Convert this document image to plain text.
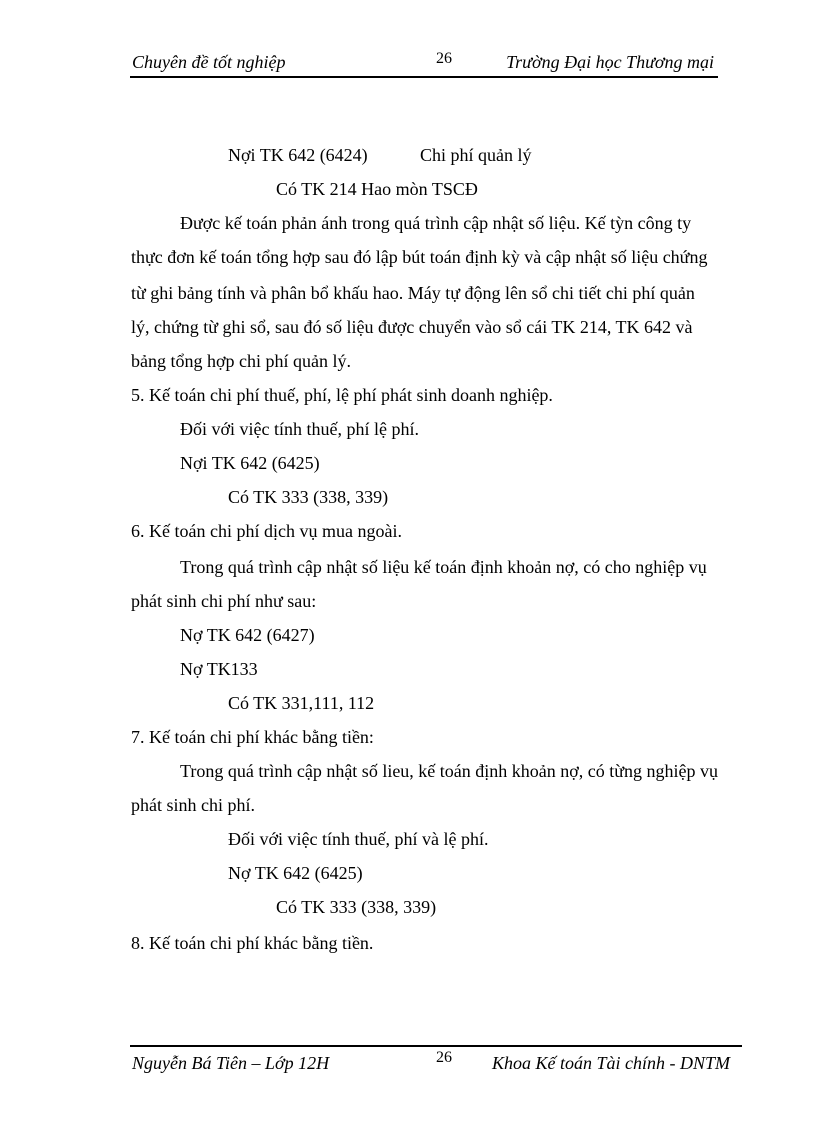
Chuyên đề tốt nghiệp	26	Trường Đại học Thương mại
Nợi TK 642 (6424)	Chi phí quản lý
Có TK 214 Hao mòn TSCĐ
Được kế toán phản ánh trong quá trình cập nhật số liệu. Kế tỳn công ty
thực đơn kế toán tổng hợp sau đó lập bút toán định kỳ và cập nhật số liệu chứng
từ ghi bảng tính và phân bổ khấu hao. Máy tự động lên sổ chi tiết chi phí quản
lý, chứng từ ghi sổ, sau đó số liệu được chuyển vào sổ cái TK 214, TK 642 và
bảng tổng hợp chi phí quản lý.
5. Kế toán chi phí thuế, phí, lệ phí phát sinh doanh nghiệp.
Đối với việc tính thuế, phí lệ phí.
Nợi TK 642 (6425)
Có TK 333 (338, 339)
6. Kế toán chi phí dịch vụ mua ngoài.
Trong quá trình cập nhật số liệu kế toán định khoản nợ, có cho nghiệp vụ
phát sinh chi phí như sau:
Nợ TK 642 (6427)
Nợ TK133
Có TK 331,111, 112
7. Kế toán chi phí khác bằng tiền:
Trong quá trình cập nhật số lieu, kế toán định khoản nợ, có từng nghiệp vụ
phát sinh chi phí.
Đối với việc tính thuế, phí và lệ phí.
Nợ TK 642 (6425)
Có TK 333 (338, 339)
8. Kế toán chi phí khác bằng tiền.
Nguyễn Bá Tiên – Lớp 12H	26 Khoa Kế toán Tài chính - DNTM
